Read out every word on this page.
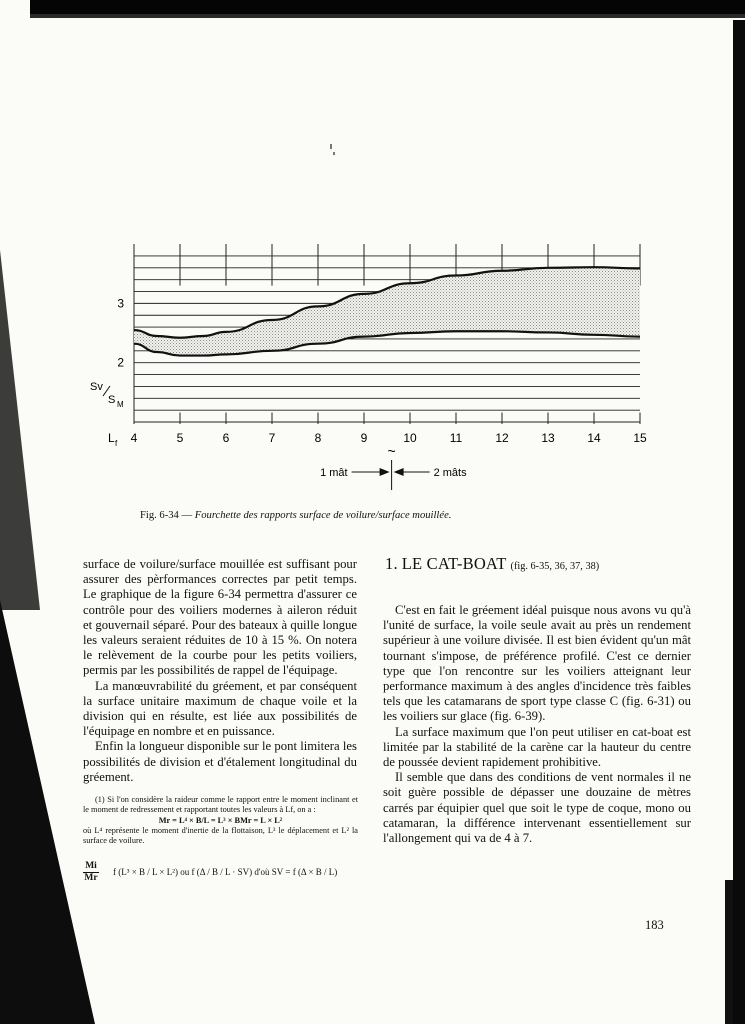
4	5	6	7	8	9	10	11	12	13	14	15
2
3
Sv
S M
L f	~
1 mât	2 mâts
Fig. 6-34 — Fourchette des rapports surface de voilure/surface mouillée.

surface de voilure/surface mouillée est suffisant pour assurer des pèrformances correctes par petit temps. Le graphique de la figure 6-34 permettra d'assurer ce contrôle pour des voiliers modernes à aileron réduit et gouvernail séparé. Pour des bateaux à quille longue les valeurs seraient réduites de 10 à 15 %. On notera le relèvement de la courbe pour les petits voiliers, permis par les possibilités de rappel de l'équipage.

La manœuvrabilité du gréement, et par conséquent la surface unitaire maximum de chaque voile et la division qui en résulte, est liée aux possibilités de l'équipage en nombre et en puissance.

Enfin la longueur disponible sur le pont limitera les possibilités de division et d'étalement longitudinal du gréement.

(1) Si l'on considère la raideur comme le rapport entre le moment inclinant et le moment de redressement et rapportant toutes les valeurs à Lf, on a :

Mr = L⁴ × B/L = L³ × BMr = L × L²

où L⁴ représente le moment d'inertie de la flottaison, L³ le déplacement et L² la surface de voilure.

$\frac{Mi}{Mr}$ f (L³ × B / L × L²) ou f (Δ / B / L · SV) d'où SV = f (Δ × B / L)
1. LE CAT-BOAT (fig. 6-35, 36, 37, 38)

C'est en fait le gréement idéal puisque nous avons vu qu'à l'unité de surface, la voile seule avait au près un rendement supérieur à une voilure divisée. Il est bien évident qu'un mât tournant s'impose, de préférence profilé. C'est ce dernier type que l'on rencontre sur les voiliers atteignant leur performance maximum à des angles d'incidence très faibles tels que les catamarans de sport type classe C (fig. 6-31) ou les voiliers sur glace (fig. 6-39).

La surface maximum que l'on peut utiliser en cat-boat est limitée par la stabilité de la carène car la hauteur du centre de poussée devient rapidement prohibitive.

Il semble que dans des conditions de vent normales il ne soit guère possible de dépasser une douzaine de mètres carrés par équipier quel que soit le type de coque, mono ou catamaran, la différence intervenant essentiellement sur l'allongement qui va de 4 à 7.

183
